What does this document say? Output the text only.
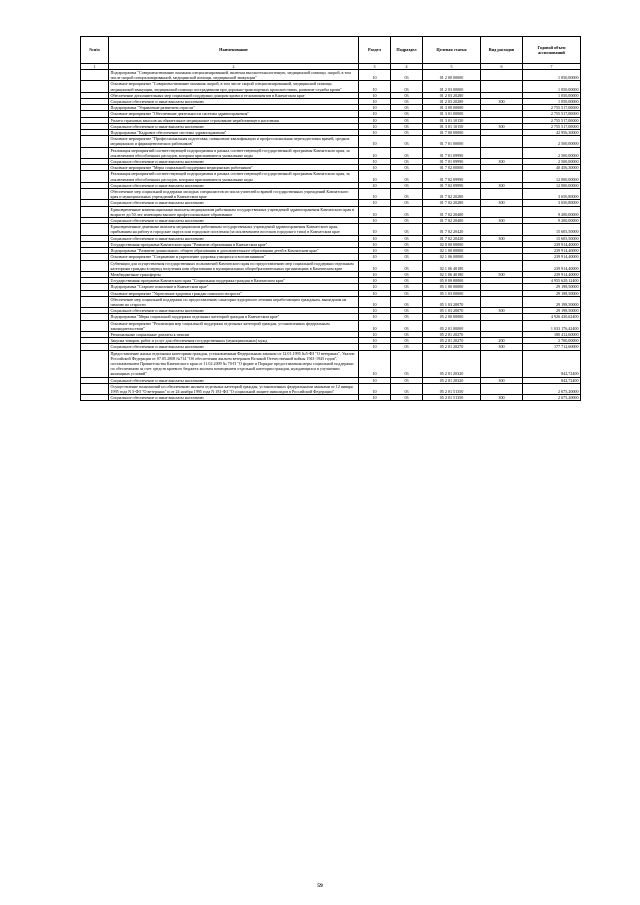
№п/п	Наименование	Раздел	Подраздел	Целевая статья	Вид расходов	Годовой объем ассигнований
1	2	3	4	5	6	7
	Подпрограмма "Совершенствование оказания специализированной, включая высокотехнологичную, медицинской помощи, скорой, в том числе скорой специализированной, медицинской помощи, медицинской эвакуации"	10	03	01 2 00 00000		1 050,00000
	Основное мероприятие "Совершенствование оказания скорой, в том числе скорой специализированной, медицинской помощи, медицинской эвакуации, медицинской помощи пострадавшим при дорожно-транспортных происшествиях, развитие службы крови"	10	03	01 2 03 00000		1 050,00000
	Обеспечение дополнительных мер социальной поддержки донорам крови и ее компонентов в Камчатском крае	10	03	01 2 03 20280		1 050,00000
	Социальное обеспечение и иные выплаты населению	10	03	01 2 03 20280	300	1 050,00000
	Подпрограмма "Управление развитием отрасли"	10	03	01 3 00 00000		2 755 517,00000
	Основное мероприятие "Обеспечение деятельности системы здравоохранения"	10	03	01 3 01 00000		2 755 517,00000
	Уплата страховых взносов на обязательное медицинское страхование неработающего населения	10	03	01 3 01 10150		2 755 517,00000
	Социальное обеспечение и иные выплаты населению	10	03	01 3 01 10150	300	2 755 517,00000
	Подпрограмма "Кадровое обеспечение системы здравоохранения"	10	03	01 7 00 00000		42 956,30000
	Основное мероприятие "Профессиональная подготовка, повышение квалификации и профессиональная переподготовка врачей, средних медицинских и фармацевтических работников"	10	03	01 7 01 00000		2 500,00000
	Реализация мероприятий соответствующей подпрограммы в рамках соответствующей государственной программы Камчатского края, за исключением обособленных расходов, которым присваиваются уникальные коды	10	03	01 7 01 09990		2 500,00000
	Социальное обеспечение и иные выплаты населению	10	03	01 7 01 09990	300	2 500,00000
	Основное мероприятие "Меры социальной поддержки медицинских работников"	10	03	01 7 02 00000		40 456,30000
	Реализация мероприятий соответствующей подпрограммы в рамках соответствующей государственной программы Камчатского края, за исключением обособленных расходов, которым присваиваются уникальные коды	10	03	01 7 02 09990		12 000,00000
	Социальное обеспечение и иные выплаты населению	10	03	01 7 02 09990	300	12 000,00000
	Обеспечение мер социальной поддержки молодых специалистов из числа учителей и врачей государственных учреждений Камчатского края и муниципальных учреждений в Камчатском крае	10	03	01 7 02 20280		3 650,80000
	Социальное обеспечение и иные выплаты населению	10	03	01 7 02 20280	300	3 650,80000
	Единовременные компенсационные выплаты медицинским работникам государственных учреждений здравоохранения Камчатского края в возрасте до 50 лет, имеющим высшее профессиональное образование	10	03	01 7 02 20400		9 200,00000
	Социальное обеспечение и иные выплаты населению	10	03	01 7 02 20400	300	9 200,00000
	Единовременные денежные выплаты медицинским работникам государственных учреждений здравоохранения Камчатского края, прибывшим на работу в городские округа или городские поселения (за исключением поселков городского типа) в Камчатском крае	10	03	01 7 02 20420		15 605,50000
	Социальное обеспечение и иные выплаты населению	10	03	01 7 02 20420	300	15 605,50000
	Государственная программа Камчатского края "Развитие образования в Камчатском крае"	10	03	02 0 00 00000		239 914,40000
	Подпрограмма "Развитие дошкольного, общего образования и дополнительного образования детей в Камчатском крае"	10	03	02 1 00 00000		239 914,40000
	Основное мероприятие "Сохранение и укрепление здоровья учащихся и воспитанников"	10	03	02 1 06 00000		239 914,40000
	Субвенции для осуществления государственных полномочий Камчатского края по предоставлению мер социальной поддержки отдельным категориям граждан в период получения ими образования в муниципальных общеобразовательных организациях в Камчатском крае	10	03	02 1 06 40180		239 914,40000
	Межбюджетные трансферты	10	03	02 1 06 40180	500	239 914,40000
	Государственная программа Камчатского края "Социальная поддержка граждан в Камчатском крае"	10	03	05 0 00 00000		4 955 629,12400
	Подпрограмма "Старшее поколение в Камчатском крае"	10	03	05 1 00 00000		29 198,50000
	Основное мероприятие "Укрепление здоровья граждан пожилого возраста"	10	03	05 1 03 00000		29 198,50000
	Обеспечение мер социальной поддержки по предоставлению санаторно-курортного лечения неработающим гражданам, вышедшим на пенсию по старости	10	03	05 1 03 20070		29 198,50000
	Социальное обеспечение и иные выплаты населению	10	03	05 1 03 20070	300	29 198,50000
	Подпрограмма "Меры социальной поддержки отдельных категорий граждан в Камчатском крае"	10	03	05 2 00 00000		4 926 430,62400
	Основное мероприятие "Реализация мер социальной поддержки отдельных категорий граждан, установленных федеральным законодательством"	10	03	05 2 01 00000		1 033 176,42400
	Региональные социальные доплаты к пенсии	10	03	05 2 01 20270		180 412,60000
	Закупка товаров, работ и услуг для обеспечения государственных (муниципальных) нужд	10	03	05 2 01 20270	200	2 700,00000
	Социальное обеспечение и иные выплаты населению	10	03	05 2 01 20270	300	177 712,60000
	Предоставление жилья отдельным категориям граждан, установленным Федеральным законом от 12.01.1995 №5-ФЗ "О ветеранах", Указом Российской Федерации от 07.05.2008 №714 "Об обеспечении жильем ветеранов Великой Отечественной войны 1941-1945 годов", постановлением Правительства Камчатского края от 11.02.2009 № 70-П "О форме и Порядке предоставления меры социальной поддержки по обеспечению за счет средств краевого бюджета жильем помещением отдельной категории граждан, нуждающихся в улучшении жилищных условий"	10	03	05 2 01 20320		842,72400
	Социальное обеспечение и иные выплаты населению	10	03	05 2 01 20320	300	842,72400
	Осуществление полномочий по обеспечению жильем отдельных категорий граждан, установленных федеральными законами от 12 января 1995 года N 5-ФЗ "О ветеранах" и от 24 ноября 1995 года N 181-ФЗ "О социальной защите инвалидов в Российской Федерации"	10	03	05 2 01 51350		2 675,20000
	Социальное обеспечение и иные выплаты населению	10	03	05 2 01 51350	300	2 675,20000
59
